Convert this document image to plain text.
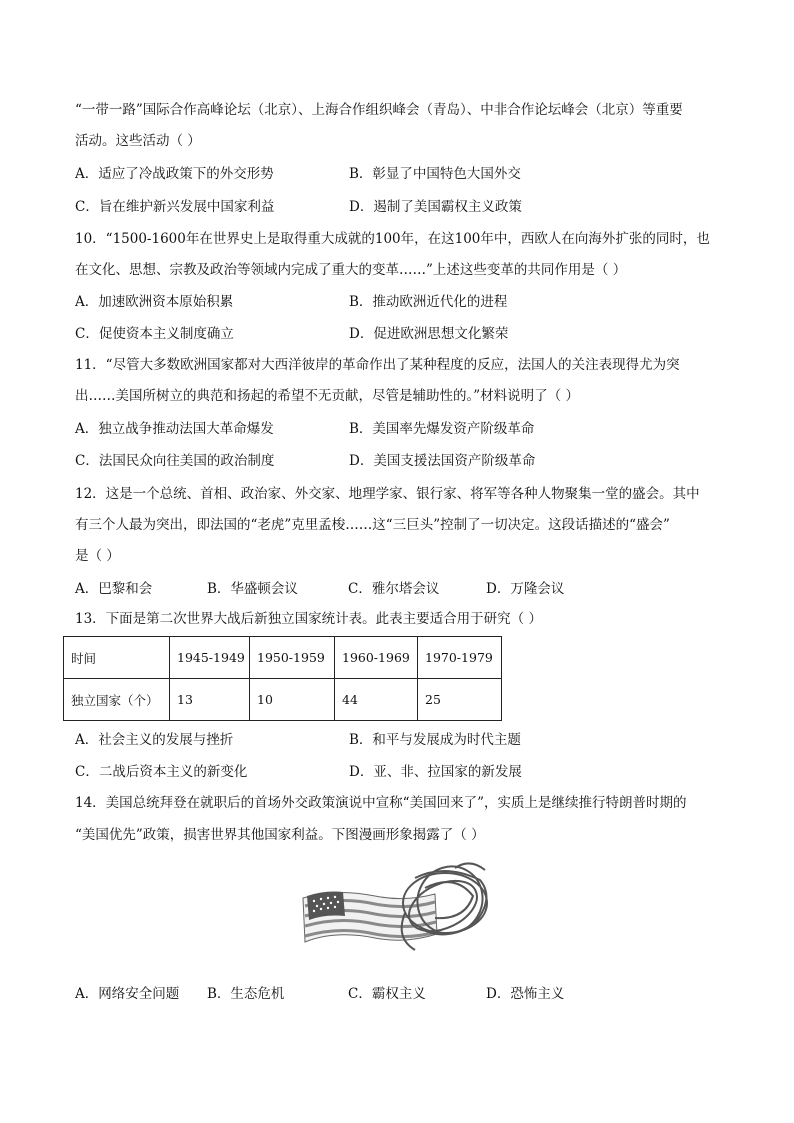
“一带一路”国际合作高峰论坛（北京）、上海合作组织峰会（青岛）、中非合作论坛峰会（北京）等重要
活动。这些活动（ ）
A．适应了冷战政策下的外交形势	B．彰显了中国特色大国外交
C．旨在维护新兴发展中国家利益	D．遏制了美国霸权主义政策
10．“1500-1600年在世界史上是取得重大成就的100年，在这100年中，西欧人在向海外扩张的同时，也
在文化、思想、宗教及政治等领域内完成了重大的变革……”上述这些变革的共同作用是（ ）
A．加速欧洲资本原始积累	B．推动欧洲近代化的进程
C．促使资本主义制度确立	D．促进欧洲思想文化繁荣
11．“尽管大多数欧洲国家都对大西洋彼岸的革命作出了某种程度的反应，法国人的关注表现得尤为突
出……美国所树立的典范和扬起的希望不无贡献，尽管是辅助性的。”材料说明了（ ）
A．独立战争推动法国大革命爆发	B．美国率先爆发资产阶级革命
C．法国民众向往美国的政治制度	D．美国支援法国资产阶级革命
12．这是一个总统、首相、政治家、外交家、地理学家、银行家、将军等各种人物聚集一堂的盛会。其中
有三个人最为突出，即法国的“老虎”克里孟梭……这“三巨头”控制了一切决定。这段话描述的“盛会”
是（ ）
A．巴黎和会	B．华盛顿会议	C．雅尔塔会议	D．万隆会议
13．下面是第二次世界大战后新独立国家统计表。此表主要适合用于研究（ ）
时间	1945-1949	1950-1959	1960-1969	1970-1979
独立国家（个）	13	10	44	25
A．社会主义的发展与挫折	B．和平与发展成为时代主题
C．二战后资本主义的新变化	D．亚、非、拉国家的新发展
14．美国总统拜登在就职后的首场外交政策演说中宣称“美国回来了”，实质上是继续推行特朗普时期的
“美国优先”政策，损害世界其他国家利益。下图漫画形象揭露了（ ）
A．网络安全问题 B．生态危机	C．霸权主义	D．恐怖主义
